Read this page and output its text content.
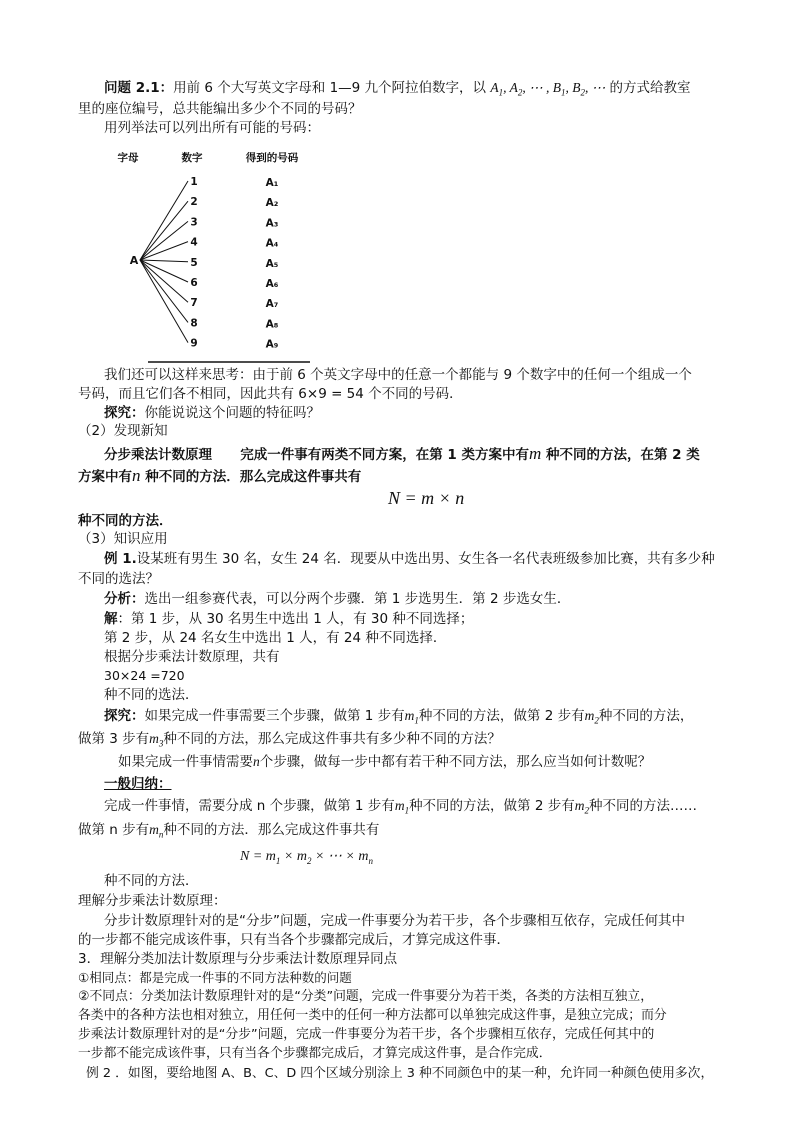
问题 2.1：用前 6 个大写英文字母和 1—9 九个阿拉伯数字，以 $A_1$, $A_2$, ⋯ , $B_1$, $B_2$, ⋯ 的方式给教室
里的座位编号，总共能编出多少个不同的号码？
用列举法可以列出所有可能的号码：
字母	数字	得到的号码
A
1	A₁
2	A₂
3	A₃
4	A₄
5	A₅
6	A₆
7	A₇
8	A₈
9	A₉
我们还可以这样来思考：由于前 6 个英文字母中的任意一个都能与 9 个数字中的任何一个组成一个
号码，而且它们各不相同，因此共有 6×9 = 54 个不同的号码．
探究：你能说说这个问题的特征吗？
（2）发现新知
分步乘法计数原理 完成一件事有两类不同方案，在第 1 类方案中有m 种不同的方法，在第 2 类
方案中有n 种不同的方法．那么完成这件事共有
N = m × n
种不同的方法．
（3）知识应用
例 1.设某班有男生 30 名，女生 24 名．现要从中选出男、女生各一名代表班级参加比赛，共有多少种
不同的选法？
分析：选出一组参赛代表，可以分两个步骤．第 1 步选男生．第 2 步选女生．
解：第 1 步，从 30 名男生中选出 1 人，有 30 种不同选择；
第 2 步，从 24 名女生中选出 1 人，有 24 种不同选择．
根据分步乘法计数原理，共有
30×24 =720
种不同的选法．
探究：如果完成一件事需要三个步骤，做第 1 步有$m_1$种不同的方法，做第 2 步有$m_2$种不同的方法，
做第 3 步有$m_3$种不同的方法，那么完成这件事共有多少种不同的方法？
如果完成一件事情需要n个步骤，做每一步中都有若干种不同方法，那么应当如何计数呢？
一般归纳：
完成一件事情，需要分成 n 个步骤，做第 1 步有$m_1$种不同的方法，做第 2 步有$m_2$种不同的方法……
做第 n 步有$m_n$种不同的方法．那么完成这件事共有
$N = m_1 \times m_2$ × ⋯ × $m_n$
种不同的方法．
理解分步乘法计数原理：
分步计数原理针对的是“分步”问题，完成一件事要分为若干步，各个步骤相互依存，完成任何其中
的一步都不能完成该件事，只有当各个步骤都完成后，才算完成这件事．
3．理解分类加法计数原理与分步乘法计数原理异同点
①相同点：都是完成一件事的不同方法种数的问题
②不同点：分类加法计数原理针对的是“分类”问题，完成一件事要分为若干类，各类的方法相互独立，
各类中的各种方法也相对独立，用任何一类中的任何一种方法都可以单独完成这件事，是独立完成；而分
步乘法计数原理针对的是“分步”问题，完成一件事要分为若干步，各个步骤相互依存，完成任何其中的
一步都不能完成该件事，只有当各个步骤都完成后，才算完成这件事，是合作完成．
例 2 ．如图，要给地图 A、B、C、D 四个区域分别涂上 3 种不同颜色中的某一种，允许同一种颜色使用多次，
